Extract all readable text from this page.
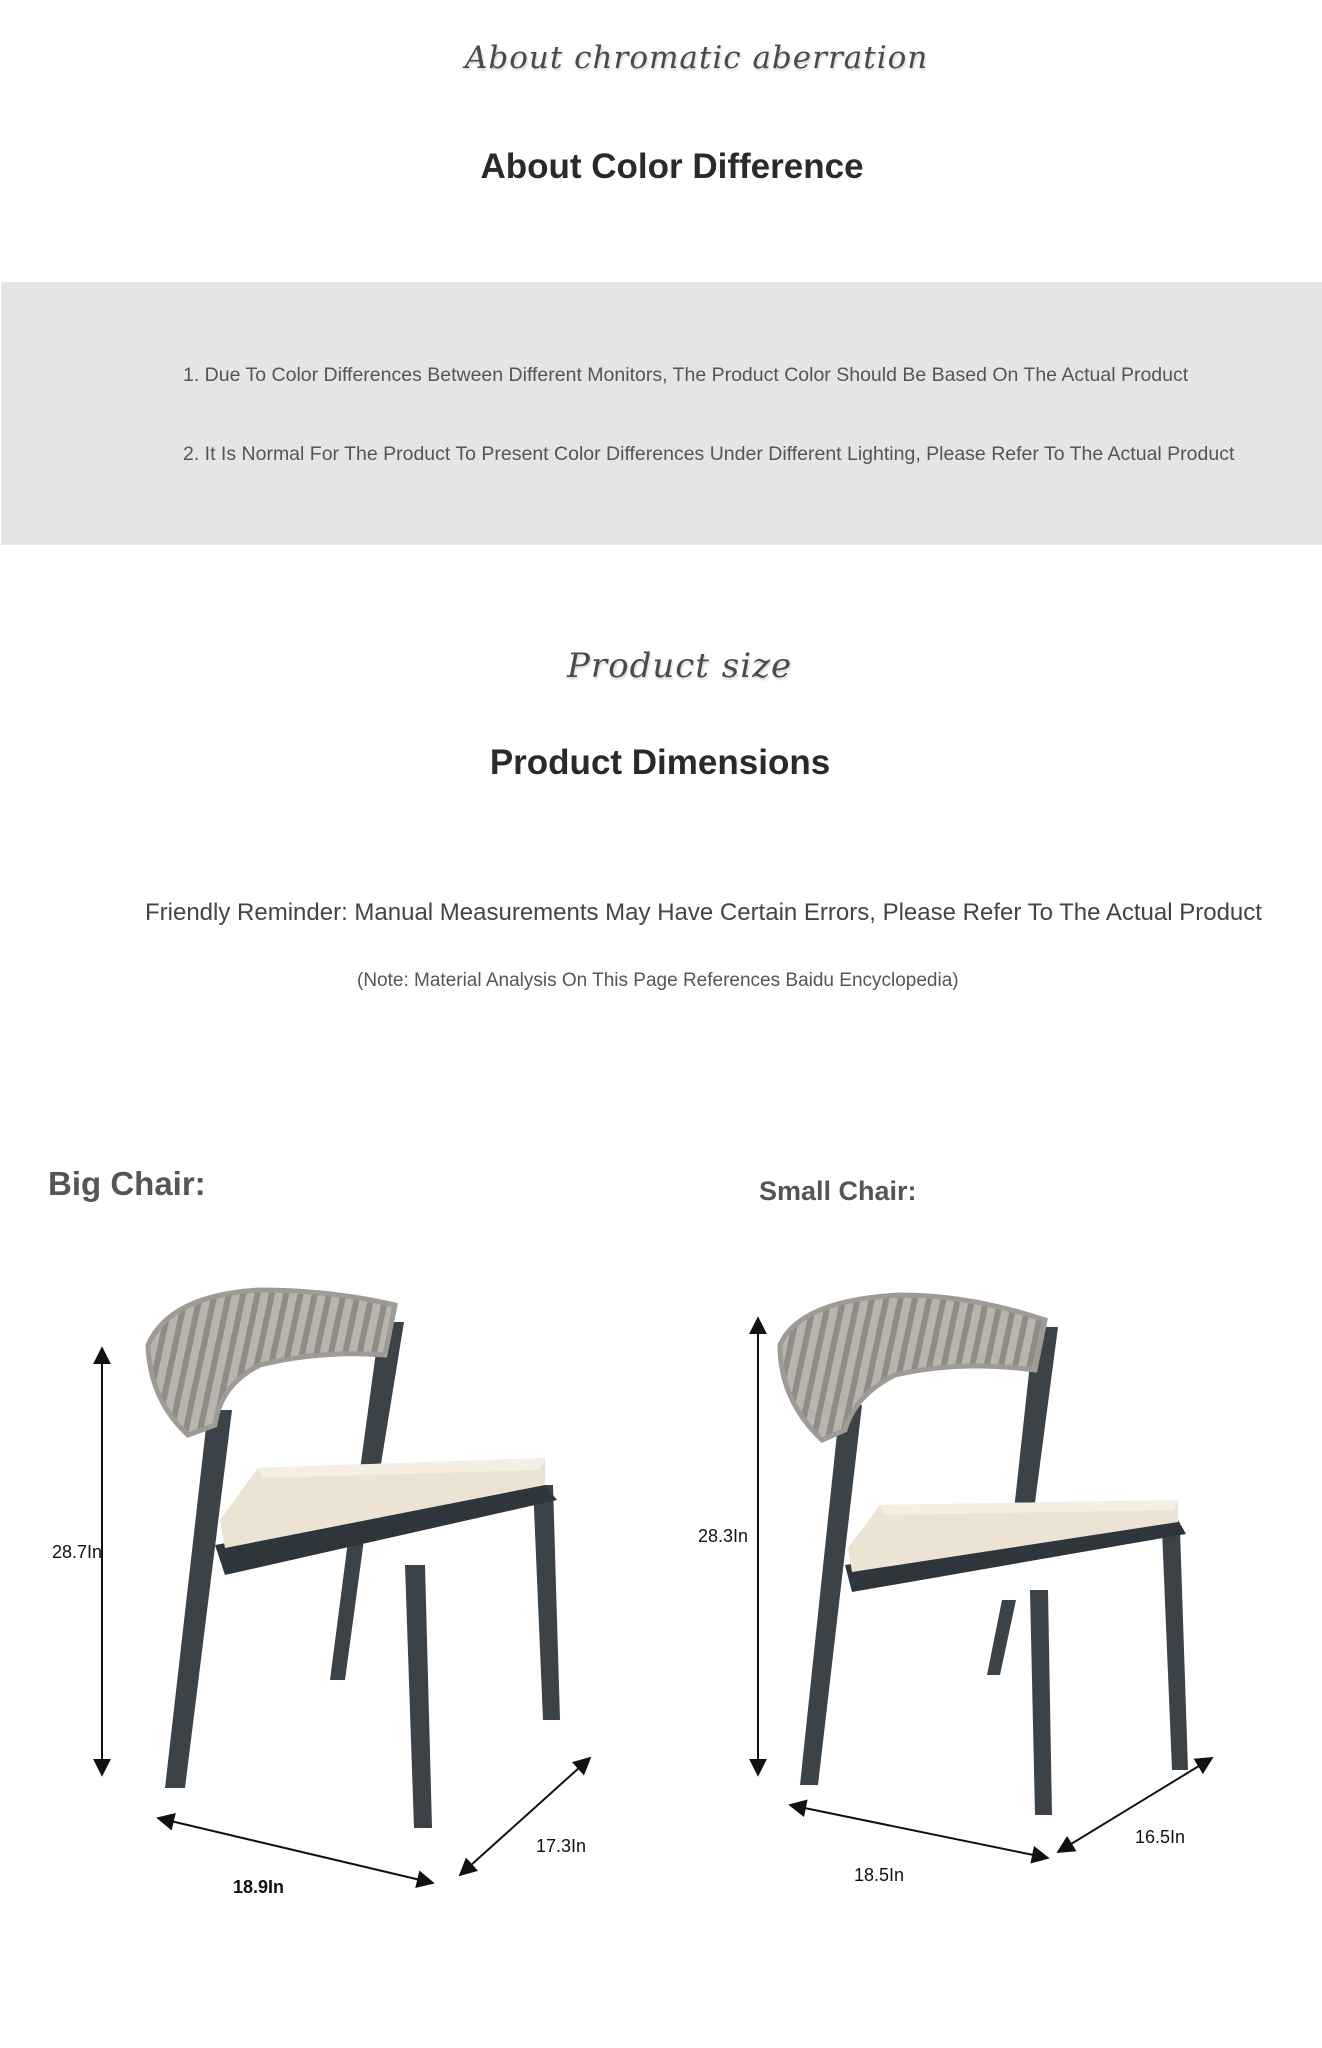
About chromatic aberration
About Color Difference
1. Due To Color Differences Between Different Monitors, The Product Color Should Be Based On The Actual Product
2. It Is Normal For The Product To Present Color Differences Under Different Lighting, Please Refer To The Actual Product
Product size
Product Dimensions
Friendly Reminder: Manual Measurements May Have Certain Errors, Please Refer To The Actual Product
(Note: Material Analysis On This Page References Baidu Encyclopedia)
Big Chair:	Small Chair:
28.7In
18.9In
17.3In
28.3In
18.5In
16.5In
